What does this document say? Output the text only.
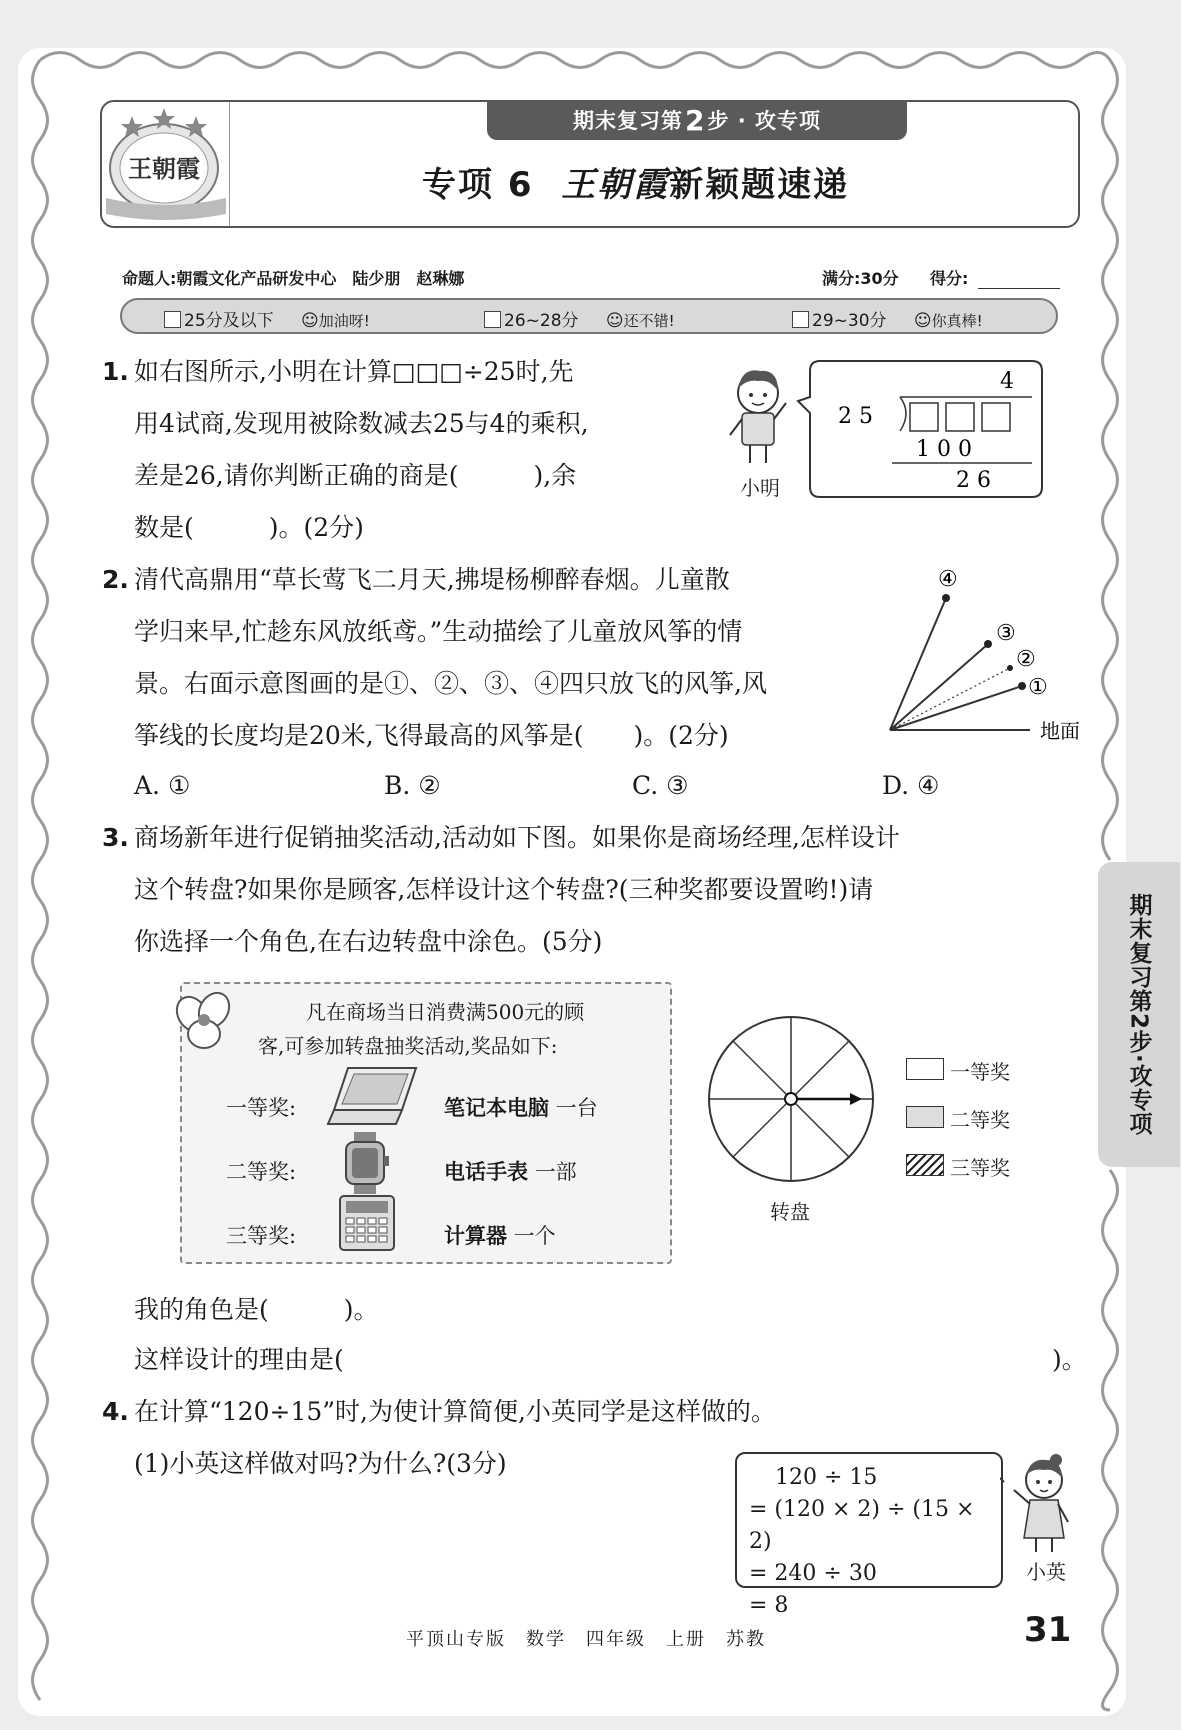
王朝霞
期末复习第 2 步 · 攻专项
专项 6 王朝霞新颖题速递
命题人:朝霞文化产品研发中心　陆少朋　赵琳娜	满分:30分 得分:
25分及以下 ☺加油呀!	26~28分 ☺还不错!	29~30分 ☺你真棒!
1. 如右图所示,小明在计算□□□÷25时,先
用4试商,发现用被除数减去25与4的乘积,
差是26,请你判断正确的商是(　　　),余
数是(　　　)。(2分)
小明
4
2 5
1 0 0
2 6
2. 清代高鼎用“草长莺飞二月天,拂堤杨柳醉春烟。儿童散
学归来早,忙趁东风放纸鸢。”生动描绘了儿童放风筝的情
景。右面示意图画的是①、②、③、④四只放飞的风筝,风
筝线的长度均是20米,飞得最高的风筝是(　　)。(2分)
A. ①	B. ②	C. ③	D. ④
④
③
②
①
地面
3. 商场新年进行促销抽奖活动,活动如下图。如果你是商场经理,怎样设计
这个转盘?如果你是顾客,怎样设计这个转盘?(三种奖都要设置哟!)请
你选择一个角色,在右边转盘中涂色。(5分)
凡在商场当日消费满500元的顾
客,可参加转盘抽奖活动,奖品如下:
一等奖:	笔记本电脑 一台
二等奖:	电话手表 一部
三等奖:	计算器 一个
转盘
一等奖
二等奖
三等奖
我的角色是(　　　)。
这样设计的理由是(	)。
4. 在计算“120÷15”时,为使计算简便,小英同学是这样做的。
(1)小英这样做对吗?为什么?(3分)	120 ÷ 15
= (120 × 2) ÷ (15 × 2)
= 240 ÷ 30
= 8
小英
期末复习第2步·攻专项
平顶山专版　数学　四年级　上册　苏教	31
